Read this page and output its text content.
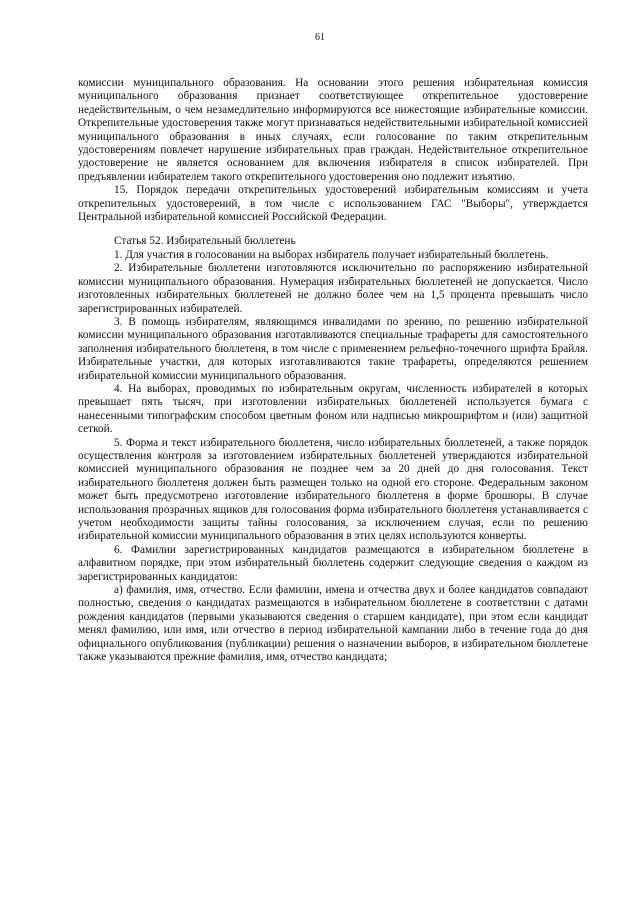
61

комиссии муниципального образования. На основании этого решения избирательная комиссия муниципального образования признает соответствующее открепительное удостоверение недействительным, о чем незамедлительно информируются все нижестоящие избирательные комиссии. Открепительные удостоверения также могут признаваться недействительными избирательной комиссией муниципального образования в иных случаях, если голосование по таким открепительным удостоверениям повлечет нарушение избирательных прав граждан. Недействительное открепительное удостоверение не является основанием для включения избирателя в список избирателей. При предъявлении избирателем такого открепительного удостоверения оно подлежит изъятию.

15. Порядок передачи открепительных удостоверений избирательным комиссиям и учета открепительных удостоверений, в том числе с использованием ГАС "Выборы", утверждается Центральной избирательной комиссией Российской Федерации.

Статья 52. Избирательный бюллетень

1. Для участия в голосовании на выборах избиратель получает избирательный бюллетень.

2. Избирательные бюллетени изготовляются исключительно по распоряжению избирательной комиссии муниципального образования. Нумерация избирательных бюллетеней не допускается. Число изготовленных избирательных бюллетеней не должно более чем на 1,5 процента превышать число зарегистрированных избирателей.

3. В помощь избирателям, являющимся инвалидами по зрению, по решению избирательной комиссии муниципального образования изготавливаются специальные трафареты для самостоятельного заполнения избирательного бюллетеня, в том числе с применением рельефно-точечного шрифта Брайля. Избирательные участки, для которых изготавливаются такие трафареты, определяются решением избирательной комиссии муниципального образования.

4. На выборах, проводимых по избирательным округам, численность избирателей в которых превышает пять тысяч, при изготовлении избирательных бюллетеней используется бумага с нанесенными типографским способом цветным фоном или надписью микрошрифтом и (или) защитной сеткой.

5. Форма и текст избирательного бюллетеня, число избирательных бюллетеней, а также порядок осуществления контроля за изготовлением избирательных бюллетеней утверждаются избирательной комиссией муниципального образования не позднее чем за 20 дней до дня голосования. Текст избирательного бюллетеня должен быть размещен только на одной его стороне. Федеральным законом может быть предусмотрено изготовление избирательного бюллетеня в форме брошюры. В случае использования прозрачных ящиков для голосования форма избирательного бюллетеня устанавливается с учетом необходимости защиты тайны голосования, за исключением случая, если по решению избирательной комиссии муниципального образования в этих целях используются конверты.

6. Фамилии зарегистрированных кандидатов размещаются в избирательном бюллетене в алфавитном порядке, при этом избирательный бюллетень содержит следующие сведения о каждом из зарегистрированных кандидатов:

а) фамилия, имя, отчество. Если фамилии, имена и отчества двух и более кандидатов совпадают полностью, сведения о кандидатах размещаются в избирательном бюллетене в соответствии с датами рождения кандидатов (первыми указываются сведения о старшем кандидате), при этом если кандидат менял фамилию, или имя, или отчество в период избирательной кампании либо в течение года до дня официального опубликования (публикации) решения о назначении выборов, в избирательном бюллетене также указываются прежние фамилия, имя, отчество кандидата;
